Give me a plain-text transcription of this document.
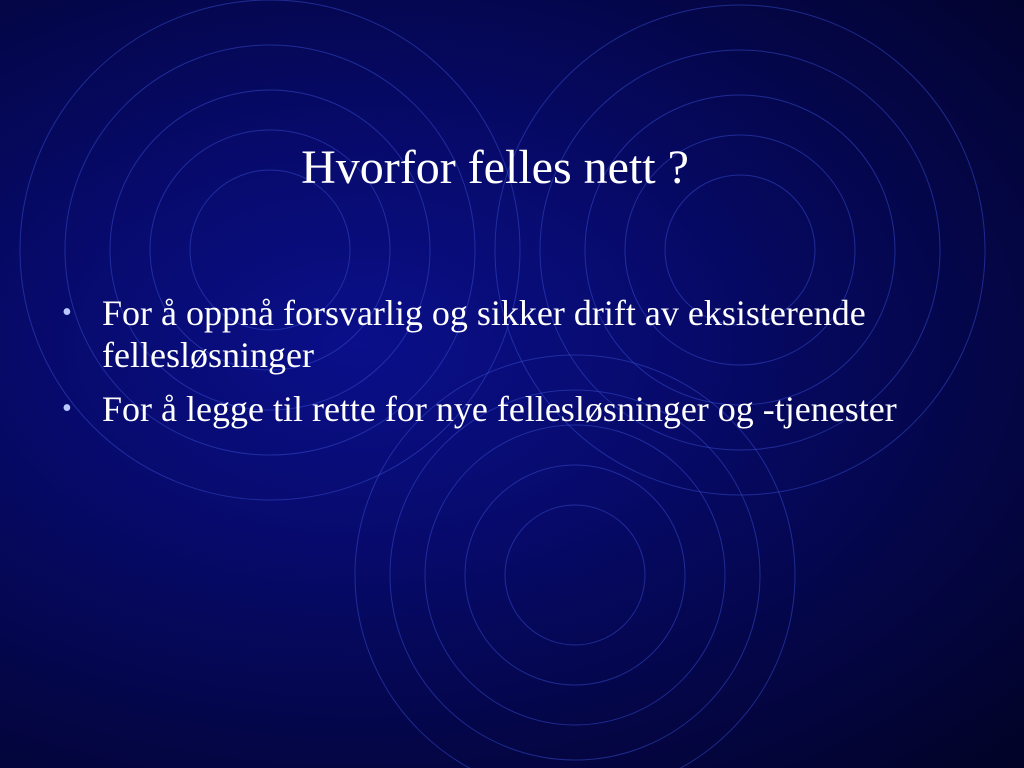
Hvorfor felles nett ?
• For å oppnå forsvarlig og sikker drift av eksisterende fellesløsninger
• For å legge til rette for nye fellesløsninger og -tjenester
